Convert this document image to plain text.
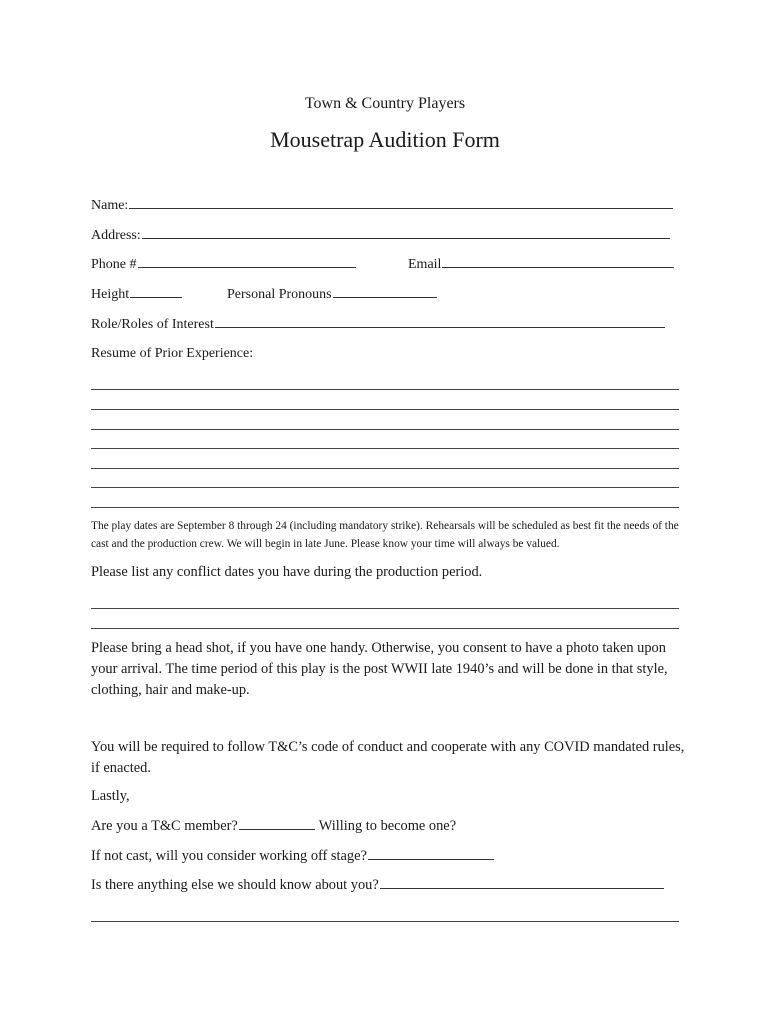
Town & Country Players
Mousetrap Audition Form
Name:
Address:
Phone #	Email
Height	Personal Pronouns
Role/Roles of Interest
Resume of Prior Experience:
The play dates are September 8 through 24 (including mandatory strike). Rehearsals will be scheduled as best fit the needs of the cast and the production crew. We will begin in late June. Please know your time will always be valued.
Please list any conflict dates you have during the production period.
Please bring a head shot, if you have one handy. Otherwise, you consent to have a photo taken upon your arrival. The time period of this play is the post WWII late 1940’s and will be done in that style, clothing, hair and make-up.
You will be required to follow T&C’s code of conduct and cooperate with any COVID mandated rules, if enacted.
Lastly,
Are you a T&C member?	Willing to become one?
If not cast, will you consider working off stage?
Is there anything else we should know about you?
